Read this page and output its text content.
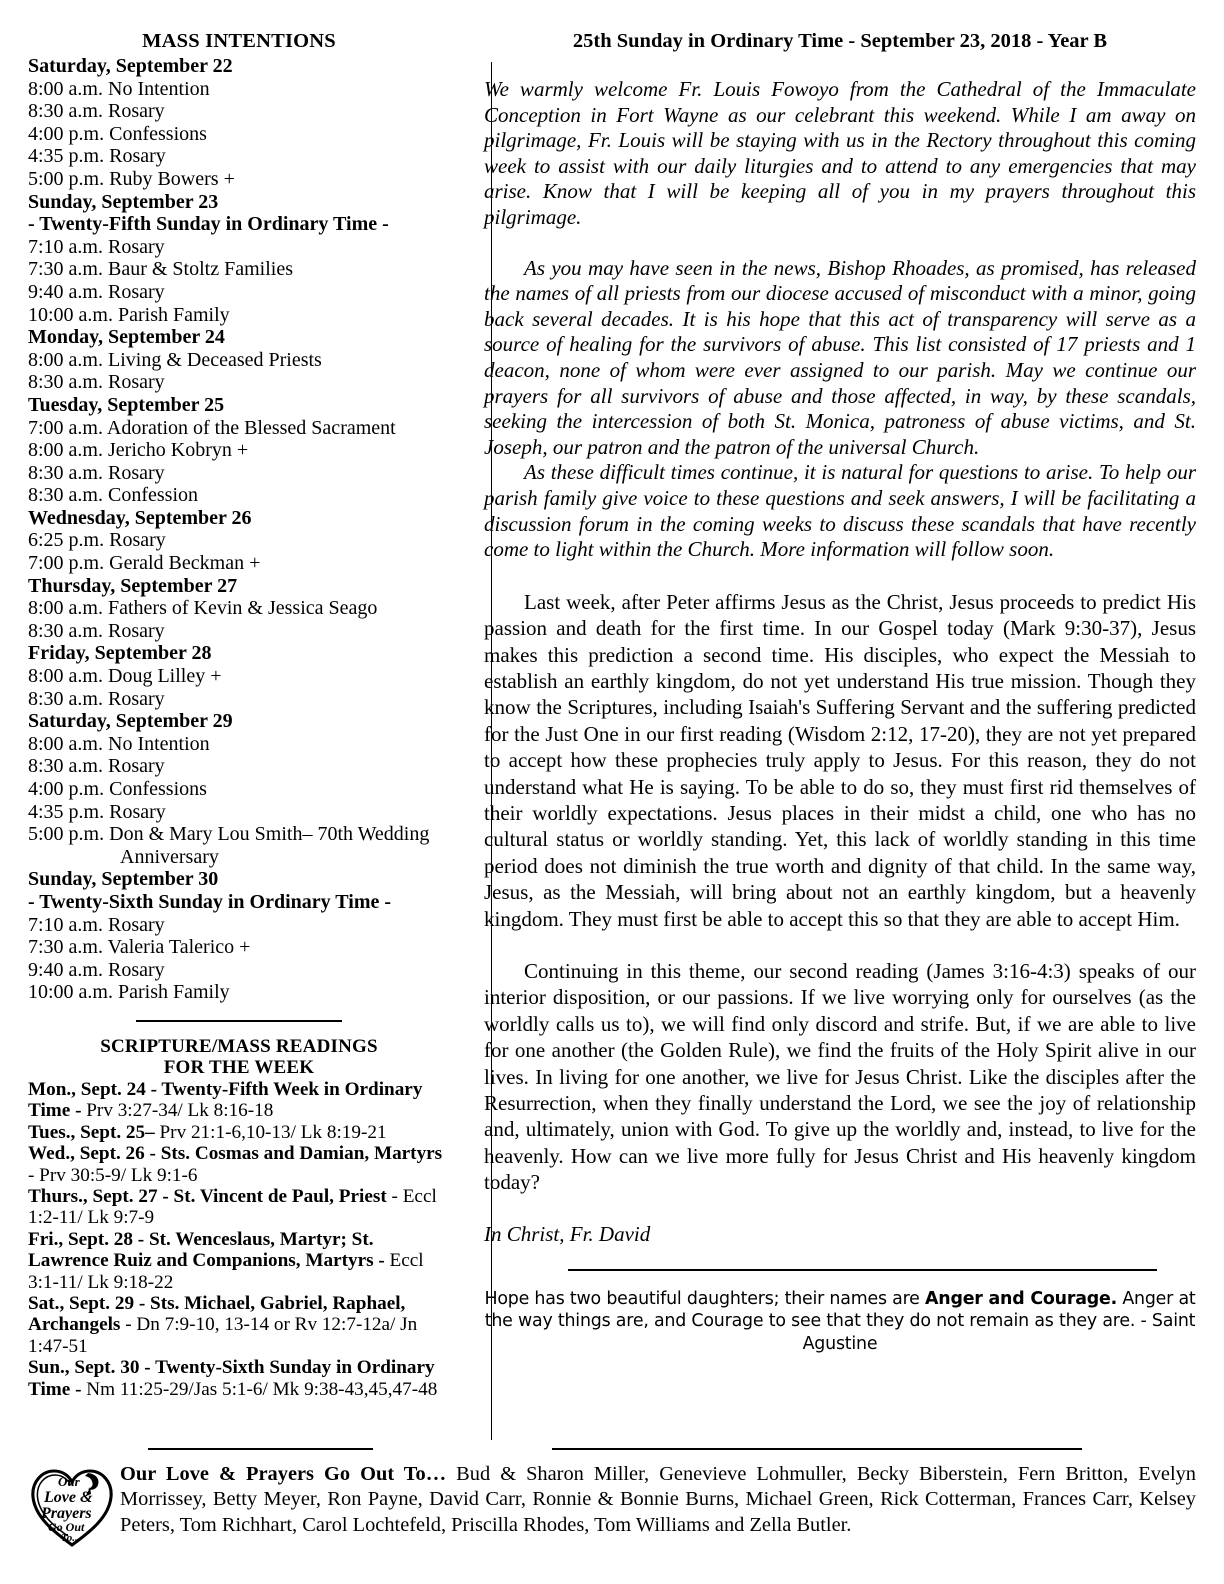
MASS INTENTIONS
Saturday, September 22
8:00 a.m. No Intention
8:30 a.m. Rosary
4:00 p.m. Confessions
4:35 p.m. Rosary
5:00 p.m. Ruby Bowers +
Sunday, September 23
- Twenty-Fifth Sunday in Ordinary Time -
7:10 a.m. Rosary
7:30 a.m. Baur & Stoltz Families
9:40 a.m. Rosary
10:00 a.m. Parish Family
Monday, September 24
8:00 a.m. Living & Deceased Priests
8:30 a.m. Rosary
Tuesday, September 25
7:00 a.m. Adoration of the Blessed Sacrament
8:00 a.m. Jericho Kobryn +
8:30 a.m. Rosary
8:30 a.m. Confession
Wednesday, September 26
6:25 p.m. Rosary
7:00 p.m. Gerald Beckman +
Thursday, September 27
8:00 a.m. Fathers of Kevin & Jessica Seago
8:30 a.m. Rosary
Friday, September 28
8:00 a.m. Doug Lilley +
8:30 a.m. Rosary
Saturday, September 29
8:00 a.m. No Intention
8:30 a.m. Rosary
4:00 p.m. Confessions
4:35 p.m. Rosary
5:00 p.m. Don & Mary Lou Smith– 70th Wedding
Anniversary
Sunday, September 30
- Twenty-Sixth Sunday in Ordinary Time -
7:10 a.m. Rosary
7:30 a.m. Valeria Talerico +
9:40 a.m. Rosary
10:00 a.m. Parish Family
SCRIPTURE/MASS READINGS
FOR THE WEEK
Mon., Sept. 24 - Twenty-Fifth Week in Ordinary Time - Prv 3:27-34/ Lk 8:16-18
Tues., Sept. 25– Prv 21:1-6,10-13/ Lk 8:19-21
Wed., Sept. 26 - Sts. Cosmas and Damian, Martyrs - Prv 30:5-9/ Lk 9:1-6
Thurs., Sept. 27 - St. Vincent de Paul, Priest - Eccl 1:2-11/ Lk 9:7-9
Fri., Sept. 28 - St. Wenceslaus, Martyr; St. Lawrence Ruiz and Companions, Martyrs - Eccl 3:1-11/ Lk 9:18-22
Sat., Sept. 29 - Sts. Michael, Gabriel, Raphael, Archangels - Dn 7:9-10, 13-14 or Rv 12:7-12a/ Jn 1:47-51
Sun., Sept. 30 - Twenty-Sixth Sunday in Ordinary Time - Nm 11:25-29/Jas 5:1-6/ Mk 9:38-43,45,47-48
25th Sunday in Ordinary Time - September 23, 2018 - Year B

We warmly welcome Fr. Louis Fowoyo from the Cathedral of the Immaculate Conception in Fort Wayne as our celebrant this weekend. While I am away on pilgrimage, Fr. Louis will be staying with us in the Rectory throughout this coming week to assist with our daily liturgies and to attend to any emergencies that may arise. Know that I will be keeping all of you in my prayers throughout this pilgrimage.

As you may have seen in the news, Bishop Rhoades, as promised, has released the names of all priests from our diocese accused of misconduct with a minor, going back several decades. It is his hope that this act of transparency will serve as a source of healing for the survivors of abuse. This list consisted of 17 priests and 1 deacon, none of whom were ever assigned to our parish. May we continue our prayers for all survivors of abuse and those affected, in way, by these scandals, seeking the intercession of both St. Monica, patroness of abuse victims, and St. Joseph, our patron and the patron of the universal Church.

As these difficult times continue, it is natural for questions to arise. To help our parish family give voice to these questions and seek answers, I will be facilitating a discussion forum in the coming weeks to discuss these scandals that have recently come to light within the Church. More information will follow soon.

Last week, after Peter affirms Jesus as the Christ, Jesus proceeds to predict His passion and death for the first time. In our Gospel today (Mark 9:30-37), Jesus makes this prediction a second time. His disciples, who expect the Messiah to establish an earthly kingdom, do not yet understand His true mission. Though they know the Scriptures, including Isaiah's Suffering Servant and the suffering predicted for the Just One in our first reading (Wisdom 2:12, 17-20), they are not yet prepared to accept how these prophecies truly apply to Jesus. For this reason, they do not understand what He is saying. To be able to do so, they must first rid themselves of their worldly expectations. Jesus places in their midst a child, one who has no cultural status or worldly standing. Yet, this lack of worldly standing in this time period does not diminish the true worth and dignity of that child. In the same way, Jesus, as the Messiah, will bring about not an earthly kingdom, but a heavenly kingdom. They must first be able to accept this so that they are able to accept Him.

Continuing in this theme, our second reading (James 3:16-4:3) speaks of our interior disposition, or our passions. If we live worrying only for ourselves (as the worldly calls us to), we will find only discord and strife. But, if we are able to live for one another (the Golden Rule), we find the fruits of the Holy Spirit alive in our lives. In living for one another, we live for Jesus Christ. Like the disciples after the Resurrection, when they finally understand the Lord, we see the joy of relationship and, ultimately, union with God. To give up the worldly and, instead, to live for the heavenly. How can we live more fully for Jesus Christ and His heavenly kingdom today?

In Christ, Fr. David

Hope has two beautiful daughters; their names are Anger and Courage. Anger at the way things are, and Courage to see that they do not remain as they are. - Saint Agustine

Our
Love &
Prayers
Go Out
To...
Our Love & Prayers Go Out To… Bud & Sharon Miller, Genevieve Lohmuller, Becky Biberstein, Fern Britton, Evelyn Morrissey, Betty Meyer, Ron Payne, David Carr, Ronnie & Bonnie Burns, Michael Green, Rick Cotterman, Frances Carr, Kelsey Peters, Tom Richhart, Carol Lochtefeld, Priscilla Rhodes, Tom Williams and Zella Butler.
